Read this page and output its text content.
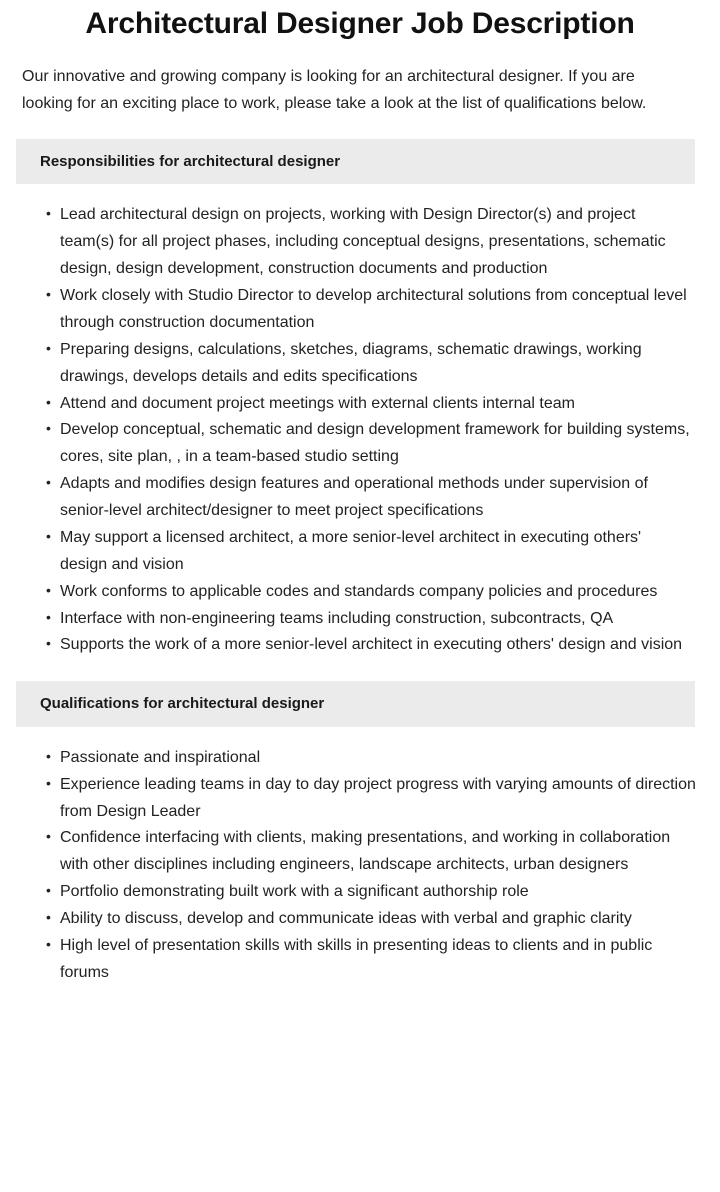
Architectural Designer Job Description

Our innovative and growing company is looking for an architectural designer. If you are looking for an exciting place to work, please take a look at the list of qualifications below.

Responsibilities for architectural designer
• Lead architectural design on projects, working with Design Director(s) and project team(s) for all project phases, including conceptual designs, presentations, schematic design, design development, construction documents and production
• Work closely with Studio Director to develop architectural solutions from conceptual level through construction documentation
• Preparing designs, calculations, sketches, diagrams, schematic drawings, working drawings, develops details and edits specifications
• Attend and document project meetings with external clients internal team
• Develop conceptual, schematic and design development framework for building systems, cores, site plan, , in a team-based studio setting
• Adapts and modifies design features and operational methods under supervision of senior-level architect/designer to meet project specifications
• May support a licensed architect, a more senior-level architect in executing others' design and vision
• Work conforms to applicable codes and standards company policies and procedures
• Interface with non-engineering teams including construction, subcontracts, QA
• Supports the work of a more senior-level architect in executing others' design and vision
Qualifications for architectural designer
• Passionate and inspirational
• Experience leading teams in day to day project progress with varying amounts of direction from Design Leader
• Confidence interfacing with clients, making presentations, and working in collaboration with other disciplines including engineers, landscape architects, urban designers
• Portfolio demonstrating built work with a significant authorship role
• Ability to discuss, develop and communicate ideas with verbal and graphic clarity
• High level of presentation skills with skills in presenting ideas to clients and in public forums
